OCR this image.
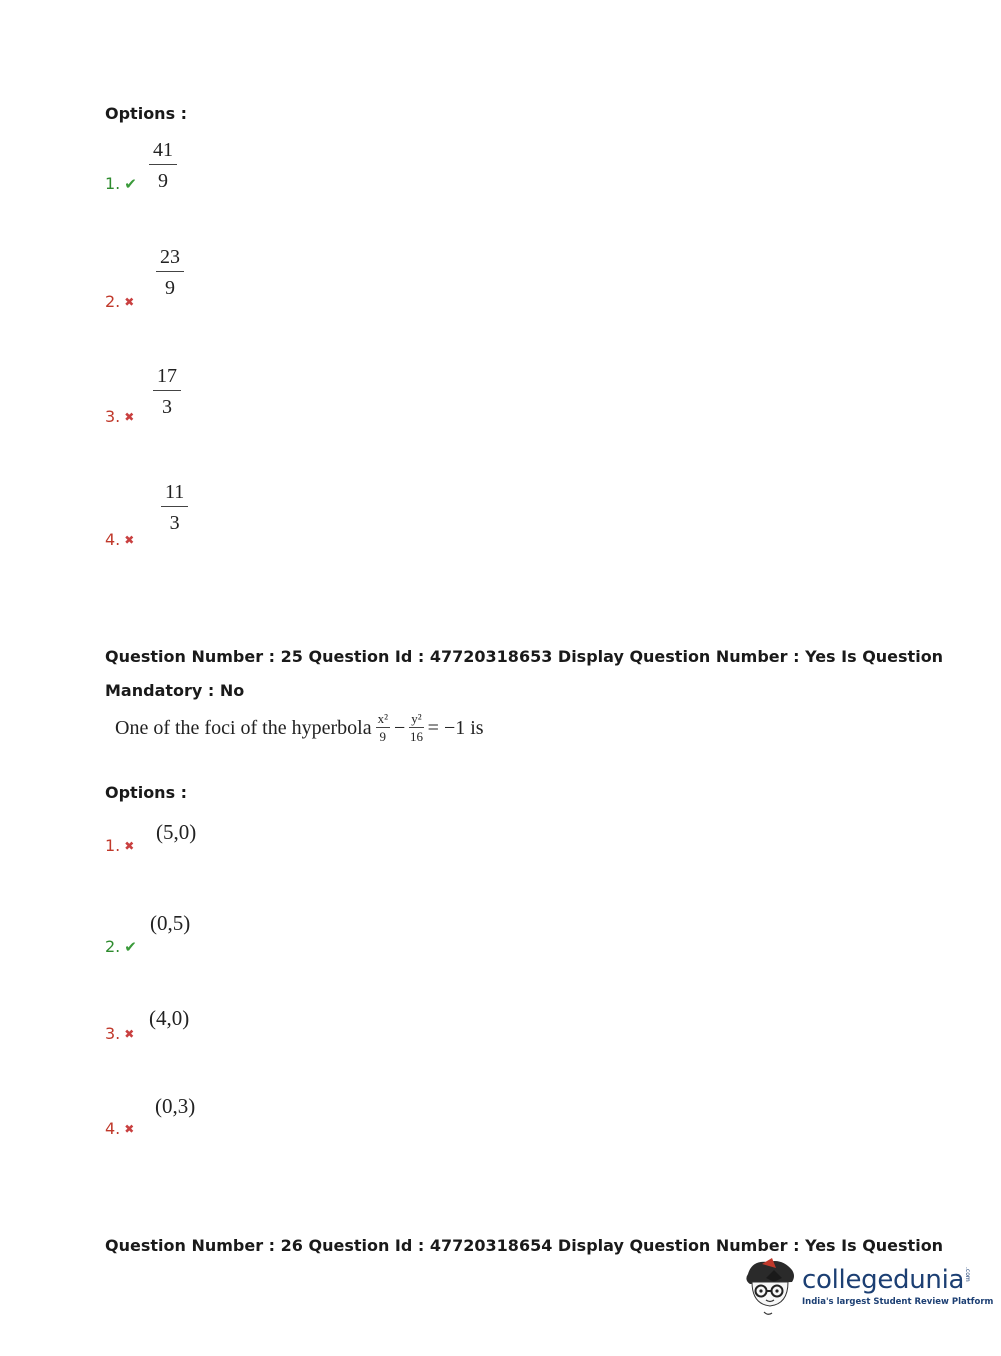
Options :
1. ✔ $\frac{41}{9}$
2. ✖
$\frac{23}{9}$
3. ✖ $\frac{17}{3}$
4. ✖
$\frac{11}{3}$
Question Number : 25 Question Id : 47720318653 Display Question Number : Yes Is Question
Mandatory : No
One of the foci of the hyperbola x²
$9 - \frac{\text{y²}}{16} = -1$ is
Options :
1. ✖
(5,0)
2. ✔
(0,5)
3. ✖
(4,0)
4. ✖
(0,3)
Question Number : 26 Question Id : 47720318654 Display Question Number : Yes Is Question
collegedunia .com
India's largest Student Review Platform
